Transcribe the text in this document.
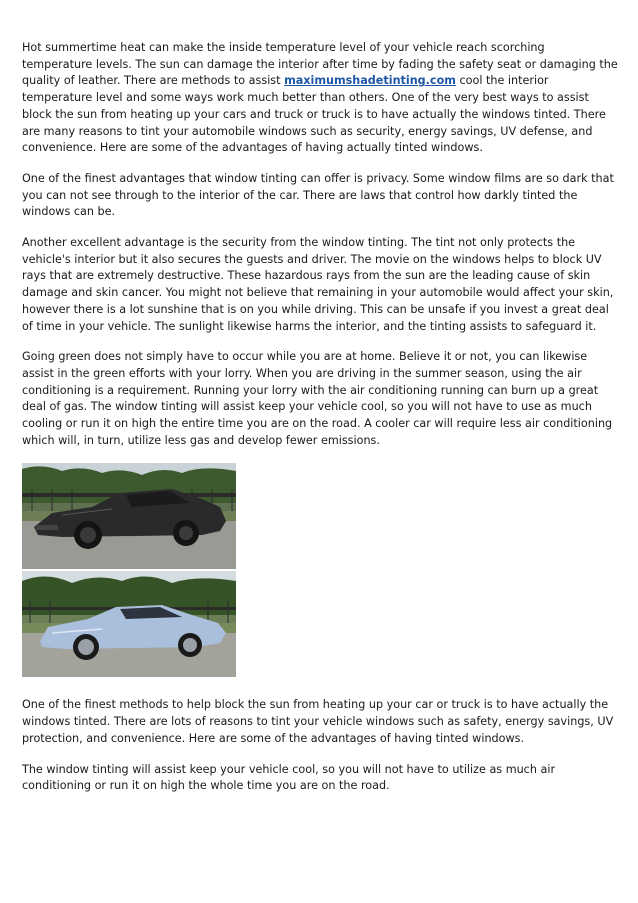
Hot summertime heat can make the inside temperature level of your vehicle reach scorching temperature levels. The sun can damage the interior after time by fading the safety seat or damaging the quality of leather. There are methods to assist maximumshadetinting.com cool the interior temperature level and some ways work much better than others. One of the very best ways to assist block the sun from heating up your cars and truck or truck is to have actually the windows tinted. There are many reasons to tint your automobile windows such as security, energy savings, UV defense, and convenience. Here are some of the advantages of having actually tinted windows.

One of the finest advantages that window tinting can offer is privacy. Some window films are so dark that you can not see through to the interior of the car. There are laws that control how darkly tinted the windows can be.

Another excellent advantage is the security from the window tinting. The tint not only protects the vehicle's interior but it also secures the guests and driver. The movie on the windows helps to block UV rays that are extremely destructive. These hazardous rays from the sun are the leading cause of skin damage and skin cancer. You might not believe that remaining in your automobile would affect your skin, however there is a lot sunshine that is on you while driving. This can be unsafe if you invest a great deal of time in your vehicle. The sunlight likewise harms the interior, and the tinting assists to safeguard it.

Going green does not simply have to occur while you are at home. Believe it or not, you can likewise assist in the green efforts with your lorry. When you are driving in the summer season, using the air conditioning is a requirement. Running your lorry with the air conditioning running can burn up a great deal of gas. The window tinting will assist keep your vehicle cool, so you will not have to use as much cooling or run it on high the entire time you are on the road. A cooler car will require less air conditioning which will, in turn, utilize less gas and develop fewer emissions.

One of the finest methods to help block the sun from heating up your car or truck is to have actually the windows tinted. There are lots of reasons to tint your vehicle windows such as safety, energy savings, UV protection, and convenience. Here are some of the advantages of having tinted windows.

The window tinting will assist keep your vehicle cool, so you will not have to utilize as much air conditioning or run it on high the whole time you are on the road.
